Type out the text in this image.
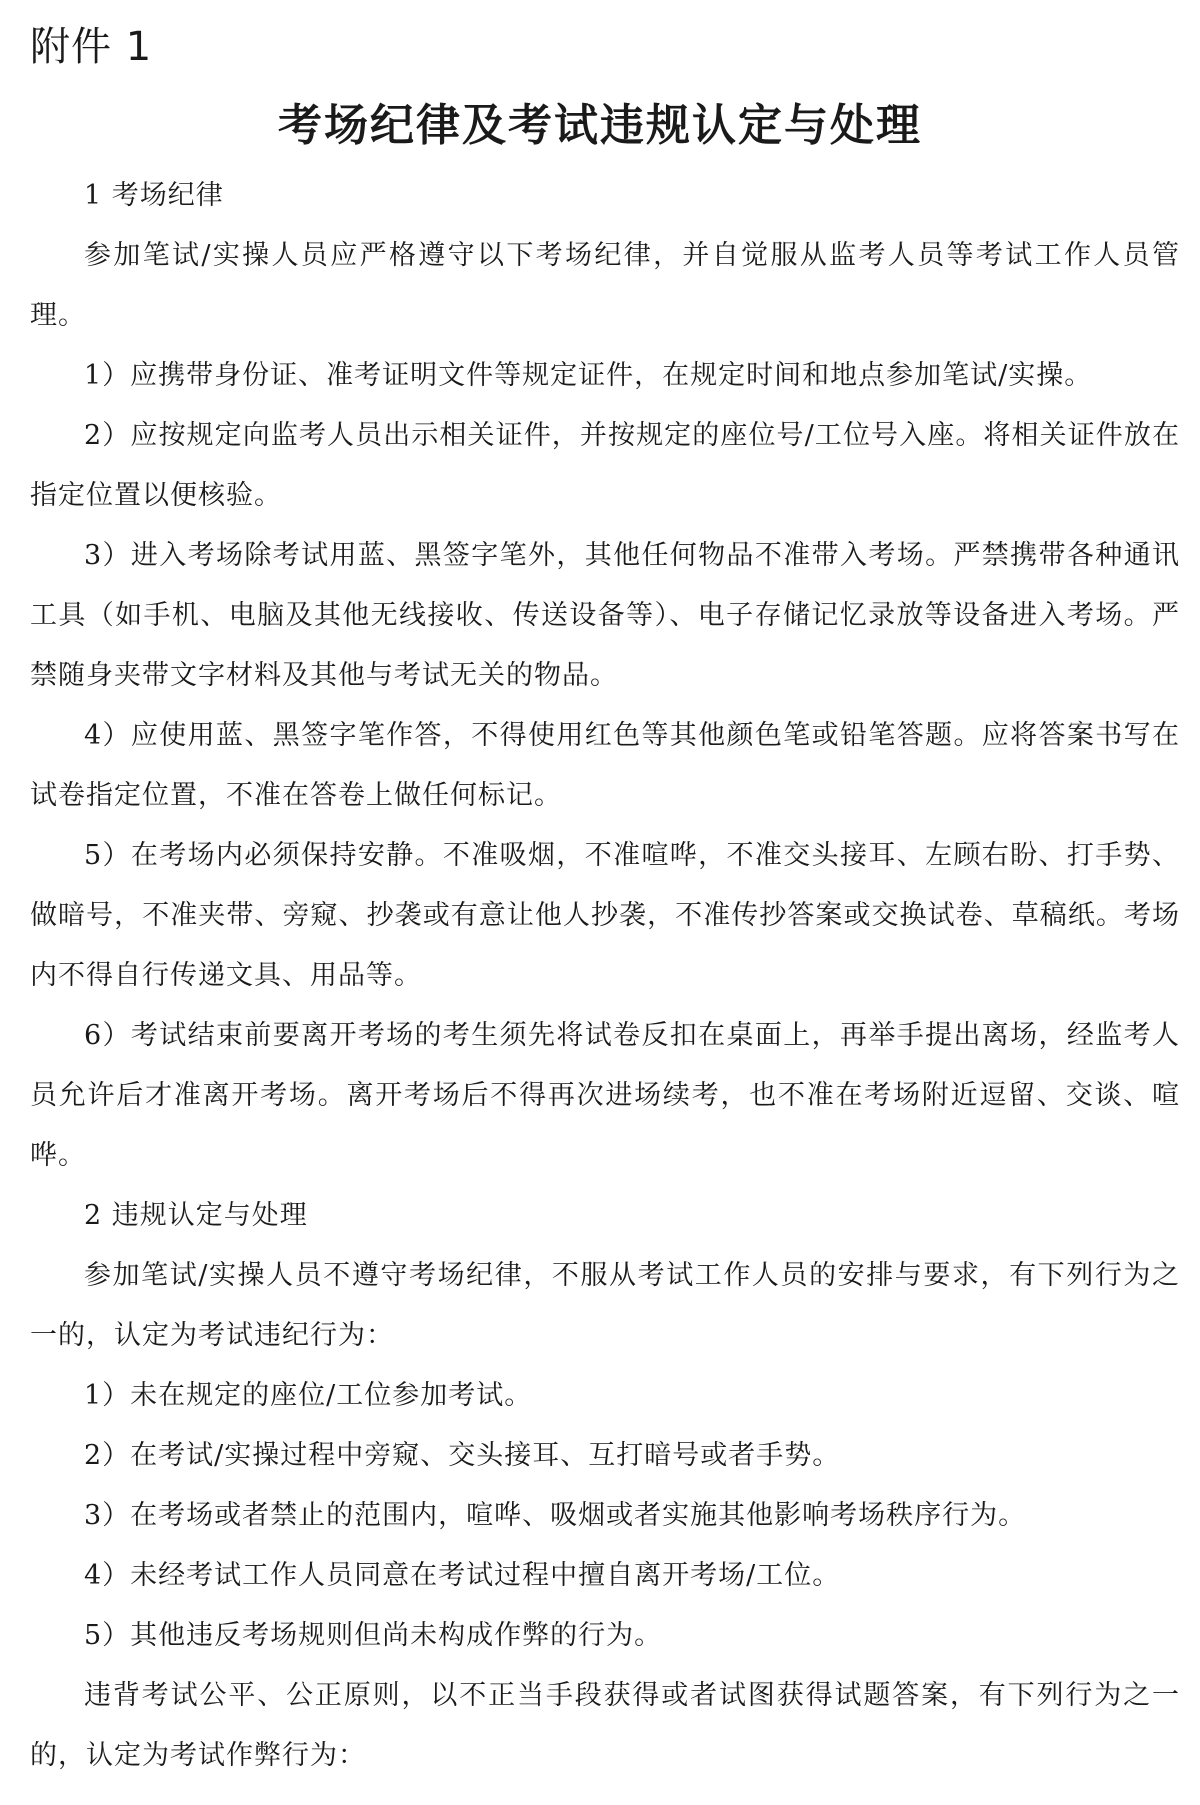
附件 1
考场纪律及考试违规认定与处理

1 考场纪律

参加笔试/实操人员应严格遵守以下考场纪律，并自觉服从监考人员等考试工作人员管理。

1）应携带身份证、准考证明文件等规定证件，在规定时间和地点参加笔试/实操。

2）应按规定向监考人员出示相关证件，并按规定的座位号/工位号入座。将相关证件放在指定位置以便核验。

3）进入考场除考试用蓝、黑签字笔外，其他任何物品不准带入考场。严禁携带各种通讯工具（如手机、电脑及其他无线接收、传送设备等）、电子存储记忆录放等设备进入考场。严禁随身夹带文字材料及其他与考试无关的物品。

4）应使用蓝、黑签字笔作答，不得使用红色等其他颜色笔或铅笔答题。应将答案书写在试卷指定位置，不准在答卷上做任何标记。

5）在考场内必须保持安静。不准吸烟，不准喧哗，不准交头接耳、左顾右盼、打手势、做暗号，不准夹带、旁窥、抄袭或有意让他人抄袭，不准传抄答案或交换试卷、草稿纸。考场内不得自行传递文具、用品等。

6）考试结束前要离开考场的考生须先将试卷反扣在桌面上，再举手提出离场，经监考人员允许后才准离开考场。离开考场后不得再次进场续考，也不准在考场附近逗留、交谈、喧哗。

2 违规认定与处理

参加笔试/实操人员不遵守考场纪律，不服从考试工作人员的安排与要求，有下列行为之一的，认定为考试违纪行为：

1）未在规定的座位/工位参加考试。

2）在考试/实操过程中旁窥、交头接耳、互打暗号或者手势。

3）在考场或者禁止的范围内，喧哗、吸烟或者实施其他影响考场秩序行为。

4）未经考试工作人员同意在考试过程中擅自离开考场/工位。

5）其他违反考场规则但尚未构成作弊的行为。

违背考试公平、公正原则，以不正当手段获得或者试图获得试题答案，有下列行为之一的，认定为考试作弊行为：
